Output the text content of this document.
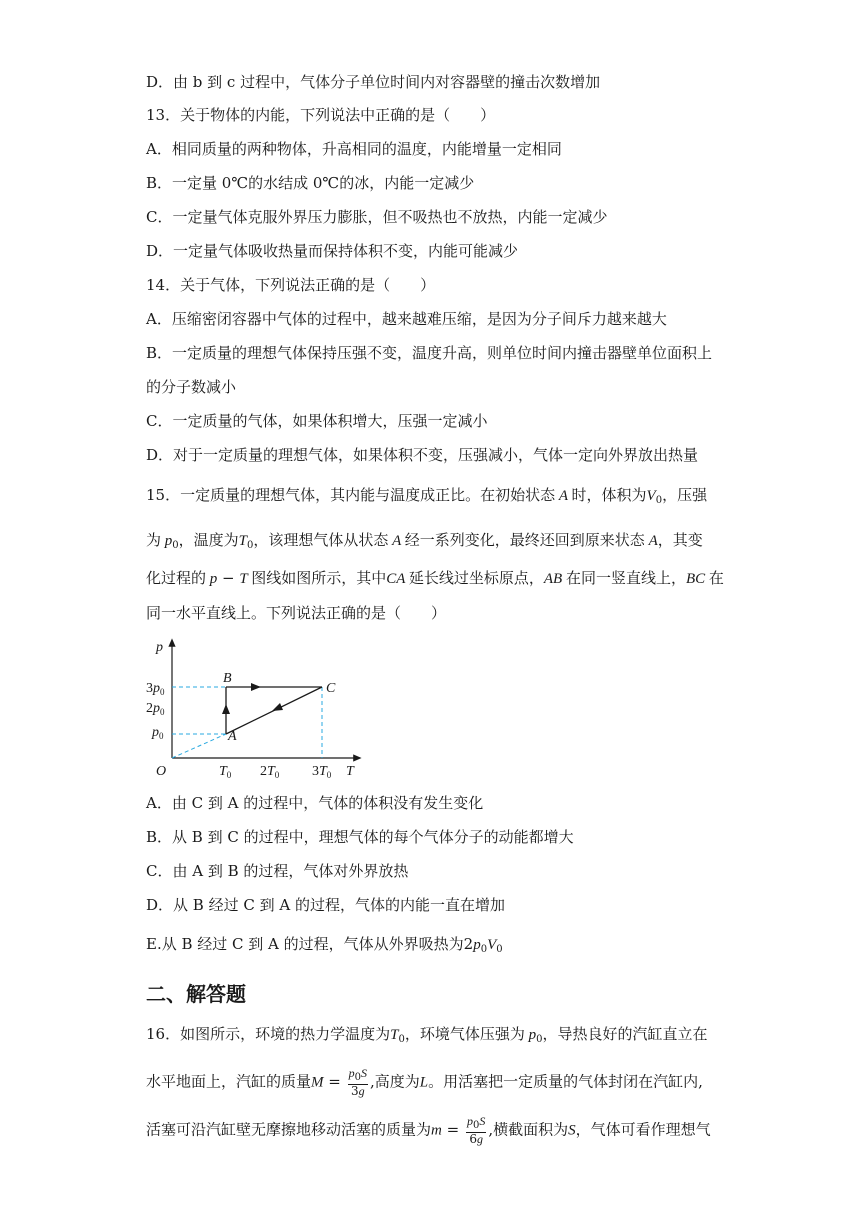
D．由 b 到 c 过程中，气体分子单位时间内对容器壁的撞击次数增加
13．关于物体的内能，下列说法中正确的是（　　）
A．相同质量的两种物体，升高相同的温度，内能增量一定相同
B．一定量 0℃的水结成 0℃的冰，内能一定减少
C．一定量气体克服外界压力膨胀，但不吸热也不放热，内能一定减少
D．一定量气体吸收热量而保持体积不变，内能可能减少
14．关于气体，下列说法正确的是（　　）
A．压缩密闭容器中气体的过程中，越来越难压缩，是因为分子间斥力越来越大
B．一定质量的理想气体保持压强不变，温度升高，则单位时间内撞击器壁单位面积上
的分子数减小
C．一定质量的气体，如果体积增大，压强一定减小
D．对于一定质量的理想气体，如果体积不变，压强减小，气体一定向外界放出热量
15．一定质量的理想气体，其内能与温度成正比。在初始状态 A 时，体积为$V_0$，压强
为 $p_0$，温度为$T_0$，该理想气体从状态 A 经一系列变化，最终还回到原来状态 A，其变
化过程的 p − T 图线如图所示，其中CA 延长线过坐标原点，AB 在同一竖直线上，BC 在
同一水平直线上。下列说法正确的是（　　）
p
T
O
B
C
A
$3p_0$
$2p_0$
$p_0$
$T_0$ $2T_0$ $3T_0$
A．由 C 到 A 的过程中，气体的体积没有发生变化
B．从 B 到 C 的过程中，理想气体的每个气体分子的动能都增大
C．由 A 到 B 的过程，气体对外界放热
D．从 B 经过 C 到 A 的过程，气体的内能一直在增加
E.从 B 经过 C 到 A 的过程，气体从外界吸热为$2p_0V_0$
二、解答题
16．如图所示，环境的热力学温度为$T_0$，环境气体压强为 $p_0$，导热良好的汽缸直立在
水平地面上，汽缸的质量$M = \frac{p_0S}{3g}$ ,高度为L。用活塞把一定质量的气体封闭在汽缸内,
活塞可沿汽缸壁无摩擦地移动活塞的质量为$m = \frac{p_0S}{6g}$ ,横截面积为S，气体可看作理想气
